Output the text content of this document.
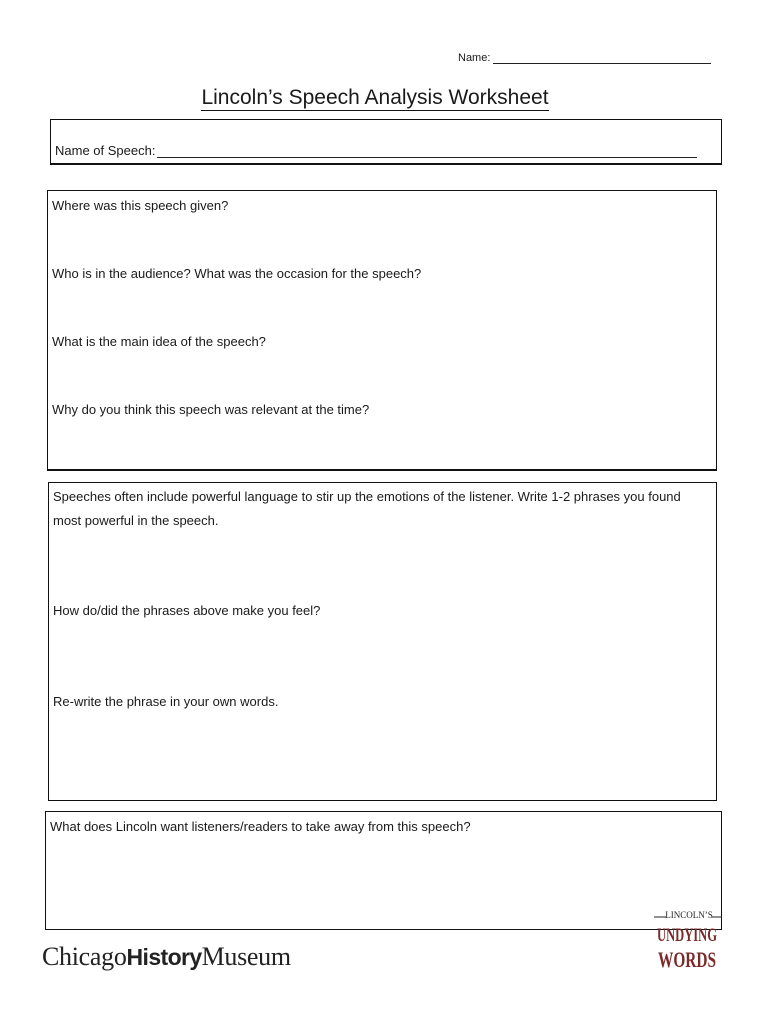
Name:
Lincoln’s Speech Analysis Worksheet
Name of Speech:
Where was this speech given?
Who is in the audience? What was the occasion for the speech?
What is the main idea of the speech?
Why do you think this speech was relevant at the time?
Speeches often include powerful language to stir up the emotions of the listener. Write 1-2 phrases you found most powerful in the speech.
How do/did the phrases above make you feel?
Re-write the phrase in your own words.
What does Lincoln want listeners/readers to take away from this speech?
ChicagoHistoryMuseum
LINCOLN’S
UNDYING
WORDS
